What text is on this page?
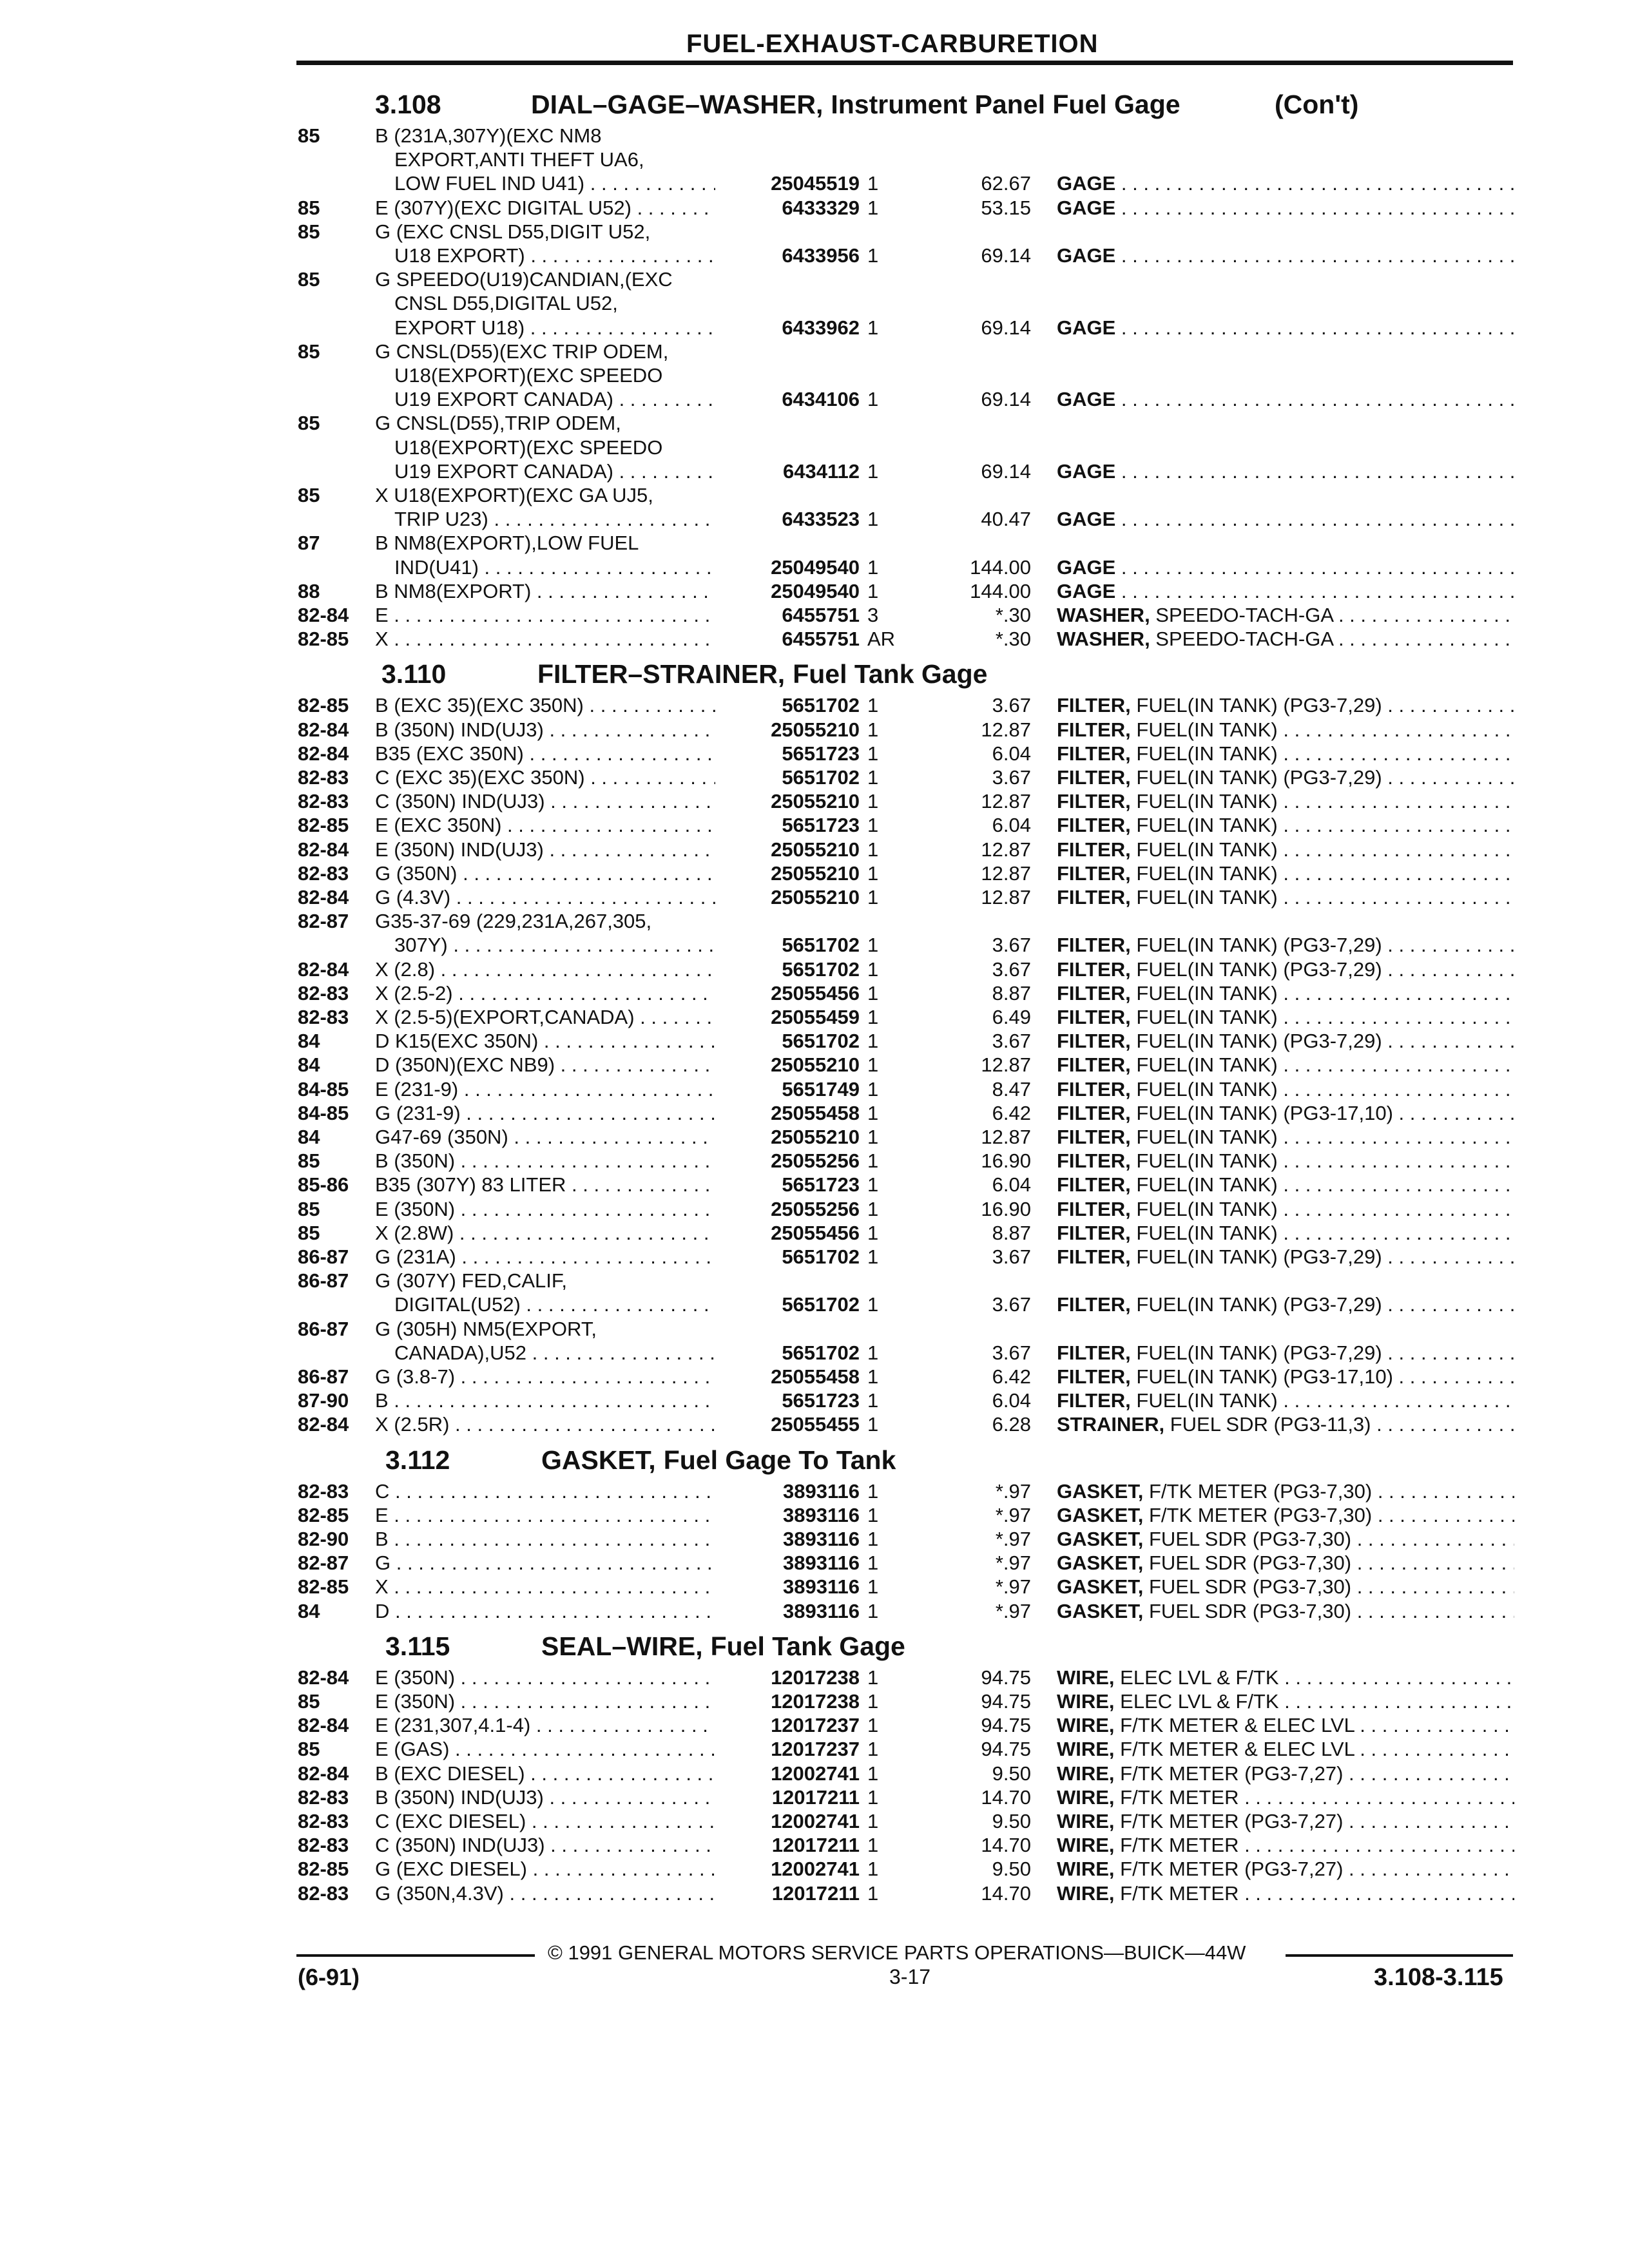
FUEL-EXHAUST-CARBURETION
3.108	DIAL–GAGE–WASHER, Instrument Panel Fuel Gage	(Con't)
85	B (231A,307Y)(EXC NM8
EXPORT,ANTI THEFT UA6,
LOW FUEL IND U41) . . .	25045519 1	62.67 GAGE . . .
85	E (307Y)(EXC DIGITAL U52) . . .	6433329 1	53.15 GAGE . . .
85	G (EXC CNSL D55,DIGIT U52,
U18 EXPORT) . . .	6433956 1	69.14 GAGE . . .
85	G SPEEDO(U19)CANDIAN,(EXC
CNSL D55,DIGITAL U52,
EXPORT U18) . . .	6433962 1	69.14 GAGE . . .
85	G CNSL(D55)(EXC TRIP ODEM,
U18(EXPORT)(EXC SPEEDO
U19 EXPORT CANADA) . . .	6434106 1	69.14 GAGE . . .
85	G CNSL(D55),TRIP ODEM,
U18(EXPORT)(EXC SPEEDO
U19 EXPORT CANADA) . . .	6434112 1	69.14 GAGE . . .
85	X U18(EXPORT)(EXC GA UJ5,
TRIP U23) . . .	6433523 1	40.47 GAGE . . .
87	B NM8(EXPORT),LOW FUEL
IND(U41) . . .	25049540 1	144.00 GAGE . . .
88	B NM8(EXPORT) . . .	25049540 1	144.00 GAGE . . .
82-84 E . . .	6455751 3	*.30 WASHER, SPEEDO-TACH-GA . . .
82-85 X . . .	6455751 AR	*.30 WASHER, SPEEDO-TACH-GA . . .
3.110	FILTER–STRAINER, Fuel Tank Gage
82-85 B (EXC 35)(EXC 350N) . . .	5651702 1	3.67 FILTER, FUEL(IN TANK) (PG3-7,29) . . .
82-84 B (350N) IND(UJ3) . . .	25055210 1	12.87 FILTER, FUEL(IN TANK) . . .
82-84 B35 (EXC 350N) . . .	5651723 1	6.04 FILTER, FUEL(IN TANK) . . .
82-83 C (EXC 35)(EXC 350N) . . .	5651702 1	3.67 FILTER, FUEL(IN TANK) (PG3-7,29) . . .
82-83 C (350N) IND(UJ3) . . .	25055210 1	12.87 FILTER, FUEL(IN TANK) . . .
82-85 E (EXC 350N) . . .	5651723 1	6.04 FILTER, FUEL(IN TANK) . . .
82-84 E (350N) IND(UJ3) . . .	25055210 1	12.87 FILTER, FUEL(IN TANK) . . .
82-83 G (350N) . . .	25055210 1	12.87 FILTER, FUEL(IN TANK) . . .
82-84 G (4.3V) . . .	25055210 1	12.87 FILTER, FUEL(IN TANK) . . .
82-87 G35-37-69 (229,231A,267,305,
307Y) . . .	5651702 1	3.67 FILTER, FUEL(IN TANK) (PG3-7,29) . . .
82-84 X (2.8) . . .	5651702 1	3.67 FILTER, FUEL(IN TANK) (PG3-7,29) . . .
82-83 X (2.5-2) . . .	25055456 1	8.87 FILTER, FUEL(IN TANK) . . .
82-83 X (2.5-5)(EXPORT,CANADA) . . .	25055459 1	6.49 FILTER, FUEL(IN TANK) . . .
84	D K15(EXC 350N) . . .	5651702 1	3.67 FILTER, FUEL(IN TANK) (PG3-7,29) . . .
84	D (350N)(EXC NB9) . . .	25055210 1	12.87 FILTER, FUEL(IN TANK) . . .
84-85 E (231-9) . . .	5651749 1	8.47 FILTER, FUEL(IN TANK) . . .
84-85 G (231-9) . . .	25055458 1	6.42 FILTER, FUEL(IN TANK) (PG3-17,10) . . .
84	G47-69 (350N) . . .	25055210 1	12.87 FILTER, FUEL(IN TANK) . . .
85	B (350N) . . .	25055256 1	16.90 FILTER, FUEL(IN TANK) . . .
85-86 B35 (307Y) 83 LITER . . .	5651723 1	6.04 FILTER, FUEL(IN TANK) . . .
85	E (350N) . . .	25055256 1	16.90 FILTER, FUEL(IN TANK) . . .
85	X (2.8W) . . .	25055456 1	8.87 FILTER, FUEL(IN TANK) . . .
86-87 G (231A) . . .	5651702 1	3.67 FILTER, FUEL(IN TANK) (PG3-7,29) . . .
86-87 G (307Y) FED,CALIF,
DIGITAL(U52) . . .	5651702 1	3.67 FILTER, FUEL(IN TANK) (PG3-7,29) . . .
86-87 G (305H) NM5(EXPORT,
CANADA),U52 . . .	5651702 1	3.67 FILTER, FUEL(IN TANK) (PG3-7,29) . . .
86-87 G (3.8-7) . . .	25055458 1	6.42 FILTER, FUEL(IN TANK) (PG3-17,10) . . .
87-90 B . . .	5651723 1	6.04 FILTER, FUEL(IN TANK) . . .
82-84 X (2.5R) . . .	25055455 1	6.28 STRAINER, FUEL SDR (PG3-11,3) . . .
3.112	GASKET, Fuel Gage To Tank
82-83 C . . .	3893116 1	*.97 GASKET, F/TK METER (PG3-7,30) . . .
82-85 E . . .	3893116 1	*.97 GASKET, F/TK METER (PG3-7,30) . . .
82-90 B . . .	3893116 1	*.97 GASKET, FUEL SDR (PG3-7,30) . . .
82-87 G . . .	3893116 1	*.97 GASKET, FUEL SDR (PG3-7,30) . . .
82-85 X . . .	3893116 1	*.97 GASKET, FUEL SDR (PG3-7,30) . . .
84	D . . .	3893116 1	*.97 GASKET, FUEL SDR (PG3-7,30) . . .
3.115	SEAL–WIRE, Fuel Tank Gage
82-84 E (350N) . . .	12017238 1	94.75 WIRE, ELEC LVL & F/TK . . .
85	E (350N) . . .	12017238 1	94.75 WIRE, ELEC LVL & F/TK . . .
82-84 E (231,307,4.1-4) . . .	12017237 1	94.75 WIRE, F/TK METER & ELEC LVL . . .
85	E (GAS) . . .	12017237 1	94.75 WIRE, F/TK METER & ELEC LVL . . .
82-84 B (EXC DIESEL) . . .	12002741 1	9.50 WIRE, F/TK METER (PG3-7,27) . . .
82-83 B (350N) IND(UJ3) . . .	12017211 1	14.70 WIRE, F/TK METER . . .
82-83 C (EXC DIESEL) . . .	12002741 1	9.50 WIRE, F/TK METER (PG3-7,27) . . .
82-83 C (350N) IND(UJ3) . . .	12017211 1	14.70 WIRE, F/TK METER . . .
82-85 G (EXC DIESEL) . . .	12002741 1	9.50 WIRE, F/TK METER (PG3-7,27) . . .
82-83 G (350N,4.3V) . . .	12017211 1	14.70 WIRE, F/TK METER . . .
© 1991 GENERAL MOTORS SERVICE PARTS OPERATIONS—BUICK—44W
(6-91)	3-17	3.108-3.115
